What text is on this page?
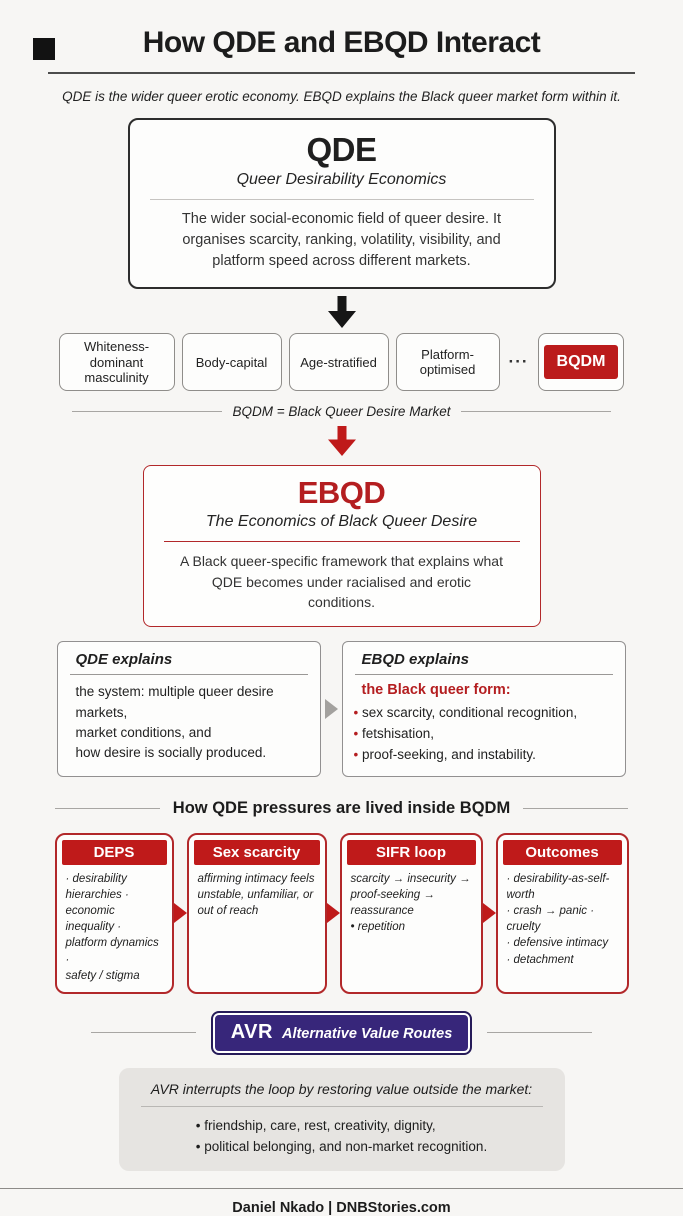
How QDE and EBQD Interact
QDE is the wider queer erotic economy. EBQD explains the Black queer market form within it.
QDE
Queer Desirability Economics
The wider social-economic field of queer desire. It organises scarcity, ranking, volatility, visibility, and platform speed across different markets.
Whiteness-dominant masculinity
Body-capital	Age-stratified
Platform-optimised	···	BQDM
BQDM = Black Queer Desire Market
EBQD
The Economics of Black Queer Desire
A Black queer-specific framework that explains what QDE becomes under racialised and erotic conditions.
QDE explains
the system: multiple queer desire markets,
market conditions, and
how desire is socially produced.
EBQD explains
the Black queer form:
• sex scarcity, conditional recognition,
• fetshisation,
• proof-seeking, and instability.
How QDE pressures are lived inside BQDM
DEPS
· desirability hierarchies ·
economic inequality ·
platform dynamics ·
safety / stigma
Sex scarcity
affirming intimacy feels
unstable, unfamiliar, or
out of reach
SIFR loop
scarcity → insecurity →
proof-seeking → reassurance
• repetition
Outcomes
· desirability-as-self-worth
· crash → panic · cruelty
· defensive intimacy
· detachment
AVR Alternative Value Routes
AVR interrupts the loop by restoring value outside the market:
• friendship, care, rest, creativity, dignity,
• political belonging, and non-market recognition.
Daniel Nkado | DNBStories.com
